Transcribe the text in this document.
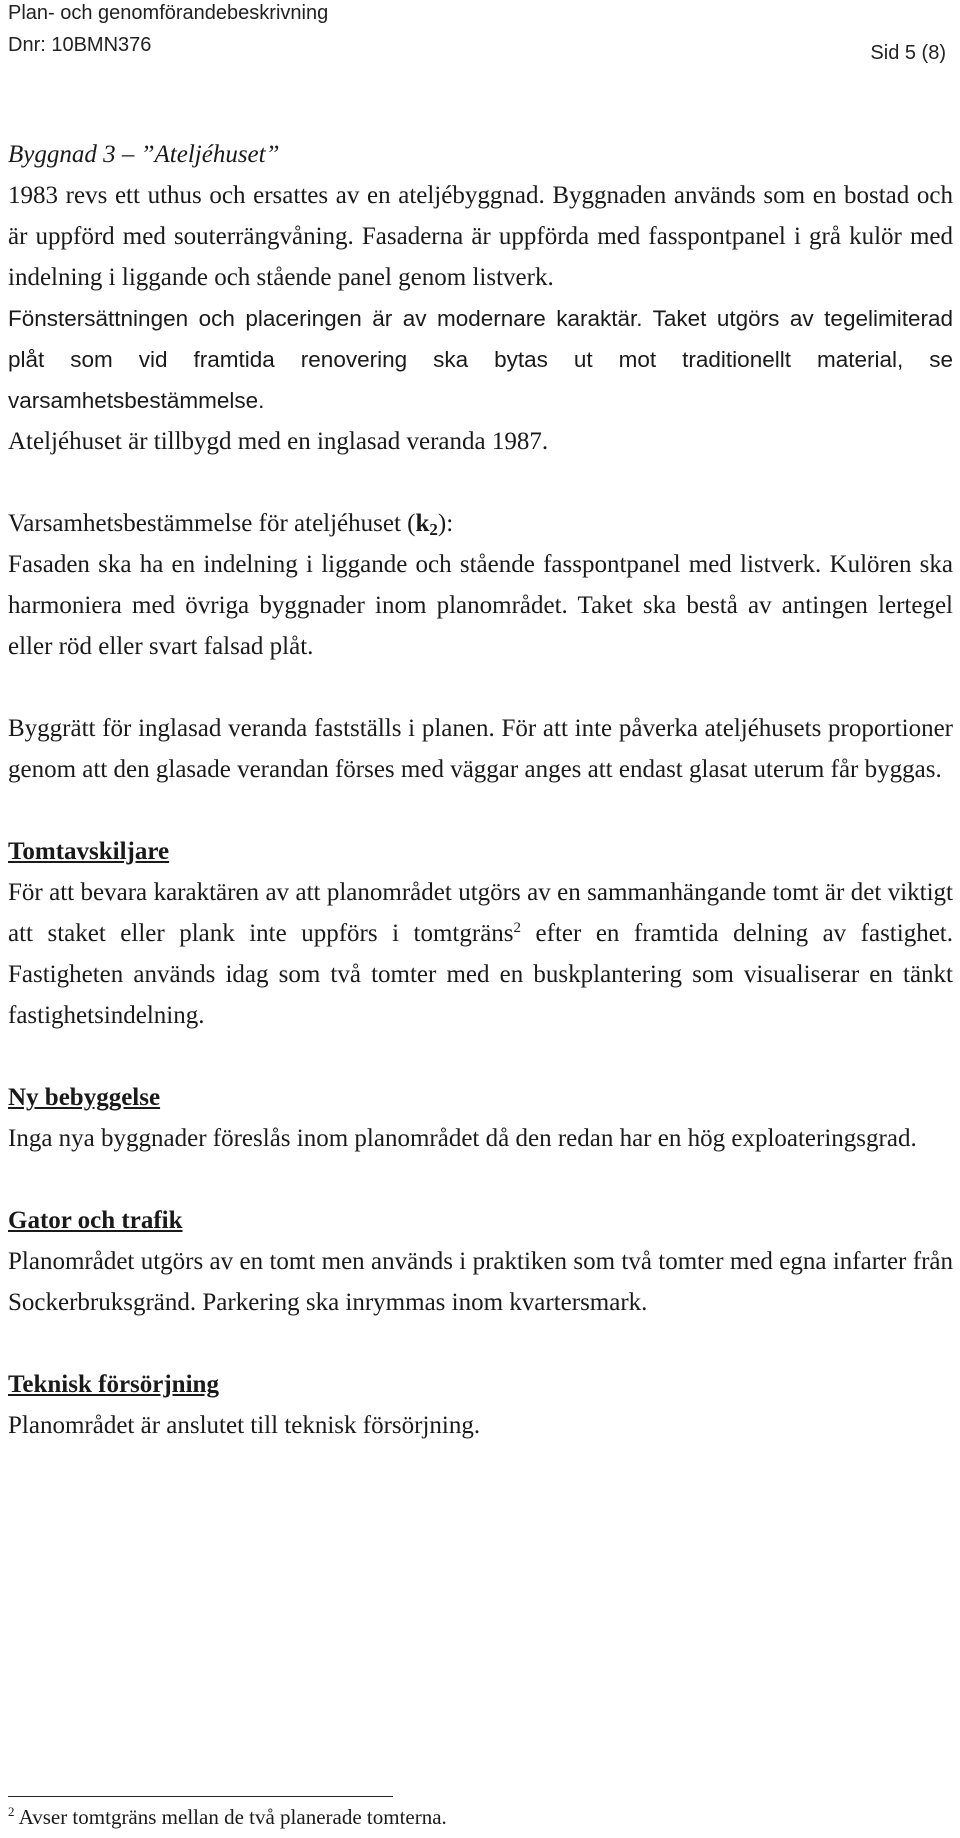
Plan- och genomförandebeskrivning
Dnr: 10BMN376	Sid 5 (8)

Byggnad 3 – ”Ateljéhuset”

1983 revs ett uthus och ersattes av en ateljébyggnad. Byggnaden används som en bostad och är uppförd med souterrängvåning. Fasaderna är uppförda med fasspontpanel i grå kulör med indelning i liggande och stående panel genom listverk.

Fönstersättningen och placeringen är av modernare karaktär. Taket utgörs av tegelimiterad plåt som vid framtida renovering ska bytas ut mot traditionellt material, se varsamhetsbestämmelse.

Ateljéhuset är tillbygd med en inglasad veranda 1987.

Varsamhetsbestämmelse för ateljéhuset $(k_2)$:

Fasaden ska ha en indelning i liggande och stående fasspontpanel med listverk. Kulören ska harmoniera med övriga byggnader inom planområdet. Taket ska bestå av antingen lertegel eller röd eller svart falsad plåt.

Byggrätt för inglasad veranda fastställs i planen. För att inte påverka ateljéhusets proportioner genom att den glasade verandan förses med väggar anges att endast glasat uterum får byggas.

Tomtavskiljare

För att bevara karaktären av att planområdet utgörs av en sammanhängande tomt är det viktigt att staket eller plank inte uppförs i tomtgräns$^2$ efter en framtida delning av fastighet. Fastigheten används idag som två tomter med en buskplantering som visualiserar en tänkt fastighetsindelning.

Ny bebyggelse

Inga nya byggnader föreslås inom planområdet då den redan har en hög exploateringsgrad.

Gator och trafik

Planområdet utgörs av en tomt men används i praktiken som två tomter med egna infarter från Sockerbruksgränd. Parkering ska inrymmas inom kvartersmark.

Teknisk försörjning

Planområdet är anslutet till teknisk försörjning.

$^2$ Avser tomtgräns mellan de två planerade tomterna.
